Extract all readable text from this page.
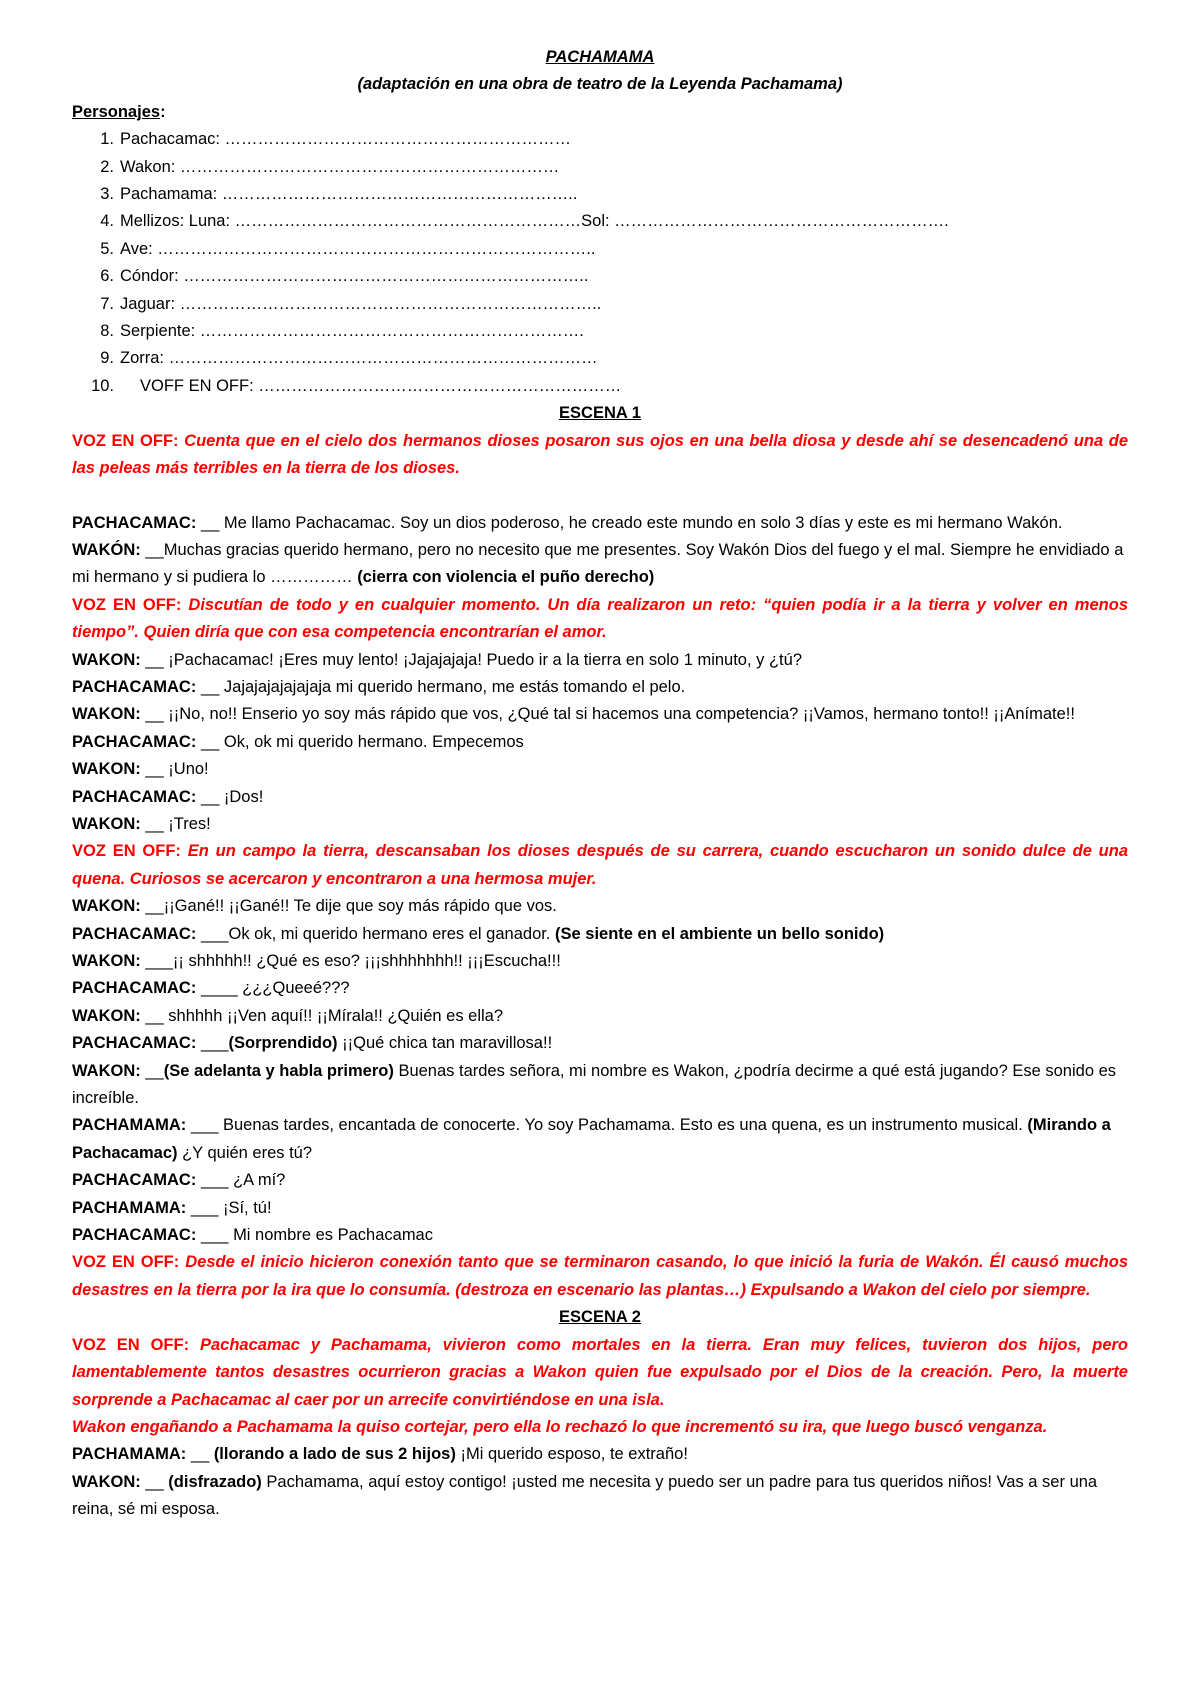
PACHAMAMA
(adaptación en una obra de teatro de la Leyenda Pachamama)
Personajes:
1. Pachacamac: ………………………………………………………
2. Wakon: ……………………………………………………………
3. Pachamama: ………………………………………………………..
4. Mellizos: Luna: ………………………………………………………Sol: …………………………………………………….
5. Ave: ……………………………………………………………………..
6. Cóndor: ………………………………………………………………..
7. Jaguar: …………………………………………………………………..
8. Serpiente: …………………………………………………………….
9. Zorra: ……………………………………………………………………
10.	VOFF EN OFF: …………………………………………………………
ESCENA 1

VOZ EN OFF: Cuenta que en el cielo dos hermanos dioses posaron sus ojos en una bella diosa y desde ahí se desencadenó una de las peleas más terribles en la tierra de los dioses.

PACHACAMAC: __ Me llamo Pachacamac. Soy un dios poderoso, he creado este mundo en solo 3 días y este es mi hermano Wakón.

WAKÓN: __Muchas gracias querido hermano, pero no necesito que me presentes. Soy Wakón Dios del fuego y el mal. Siempre he envidiado a mi hermano y si pudiera lo …………… (cierra con violencia el puño derecho)

VOZ EN OFF: Discutían de todo y en cualquier momento. Un día realizaron un reto: “quien podía ir a la tierra y volver en menos tiempo”. Quien diría que con esa competencia encontrarían el amor.

WAKON: __ ¡Pachacamac! ¡Eres muy lento! ¡Jajajajaja! Puedo ir a la tierra en solo 1 minuto, y ¿tú?

PACHACAMAC: __ Jajajajajajajaja mi querido hermano, me estás tomando el pelo.

WAKON: __ ¡¡No, no!! Enserio yo soy más rápido que vos, ¿Qué tal si hacemos una competencia? ¡¡Vamos, hermano tonto!! ¡¡Anímate!!

PACHACAMAC: __ Ok, ok mi querido hermano. Empecemos

WAKON: __ ¡Uno!

PACHACAMAC: __ ¡Dos!

WAKON: __ ¡Tres!

VOZ EN OFF: En un campo la tierra, descansaban los dioses después de su carrera, cuando escucharon un sonido dulce de una quena. Curiosos se acercaron y encontraron a una hermosa mujer.

WAKON: __¡¡Gané!! ¡¡Gané!! Te dije que soy más rápido que vos.

PACHACAMAC: ___Ok ok, mi querido hermano eres el ganador. (Se siente en el ambiente un bello sonido)

WAKON: ___¡¡ shhhhh!! ¿Qué es eso? ¡¡¡shhhhhhh!! ¡¡¡Escucha!!!

PACHACAMAC: ____ ¿¿¿Queeé???

WAKON: __ shhhhh ¡¡Ven aquí!! ¡¡Mírala!! ¿Quién es ella?

PACHACAMAC: ___(Sorprendido) ¡¡Qué chica tan maravillosa!!

WAKON: __(Se adelanta y habla primero) Buenas tardes señora, mi nombre es Wakon, ¿podría decirme a qué está jugando? Ese sonido es increíble.

PACHAMAMA: ___ Buenas tardes, encantada de conocerte. Yo soy Pachamama. Esto es una quena, es un instrumento musical. (Mirando a Pachacamac) ¿Y quién eres tú?

PACHACAMAC: ___ ¿A mí?

PACHAMAMA: ___ ¡Sí, tú!

PACHACAMAC: ___ Mi nombre es Pachacamac

VOZ EN OFF: Desde el inicio hicieron conexión tanto que se terminaron casando, lo que inició la furia de Wakón. Él causó muchos desastres en la tierra por la ira que lo consumía. (destroza en escenario las plantas…) Expulsando a Wakon del cielo por siempre.

ESCENA 2

VOZ EN OFF: Pachacamac y Pachamama, vivieron como mortales en la tierra. Eran muy felices, tuvieron dos hijos, pero lamentablemente tantos desastres ocurrieron gracias a Wakon quien fue expulsado por el Dios de la creación. Pero, la muerte sorprende a Pachacamac al caer por un arrecife convirtiéndose en una isla.

Wakon engañando a Pachamama la quiso cortejar, pero ella lo rechazó lo que incrementó su ira, que luego buscó venganza.

PACHAMAMA: __ (llorando a lado de sus 2 hijos) ¡Mi querido esposo, te extraño!

WAKON: __ (disfrazado) Pachamama, aquí estoy contigo! ¡usted me necesita y puedo ser un padre para tus queridos niños! Vas a ser una reina, sé mi esposa.
